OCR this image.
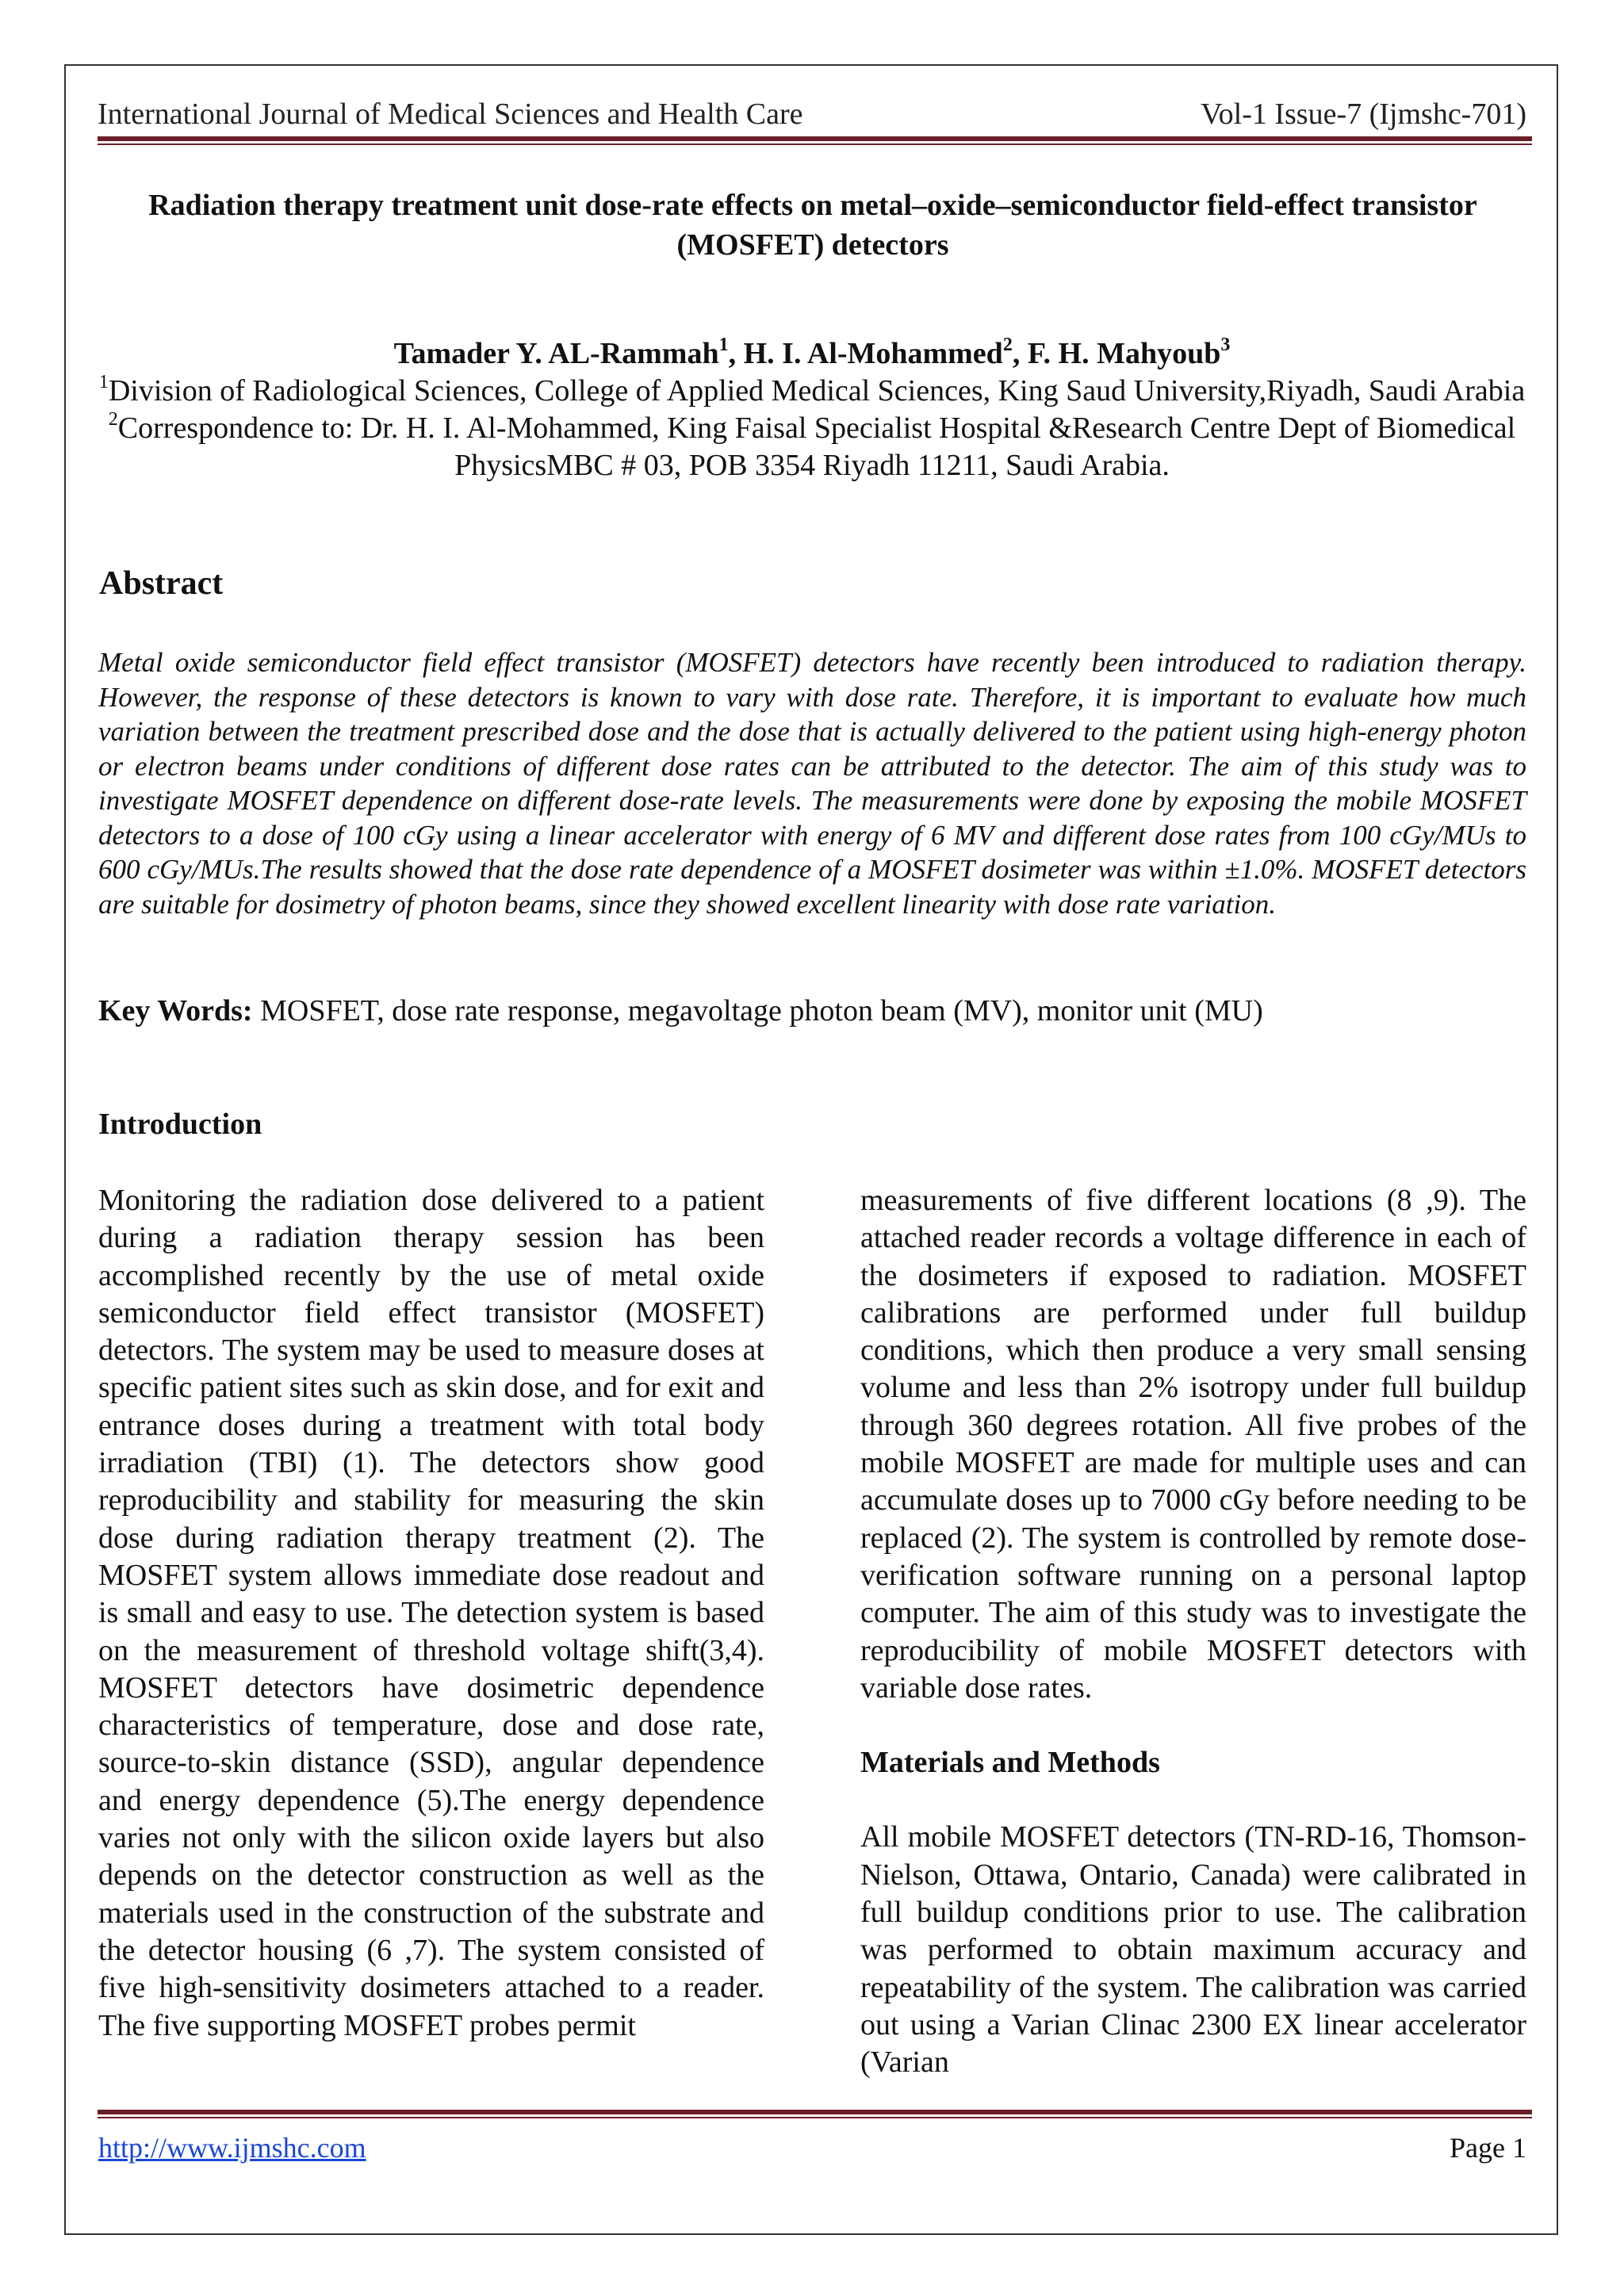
International Journal of Medical Sciences and Health Care	Vol-1 Issue-7 (Ijmshc-701)
Radiation therapy treatment unit dose-rate effects on metal–oxide–semiconductor field-effect transistor (MOSFET) detectors
Tamader Y. AL-Rammah$^1$, H. I. Al-Mohammed$^2$, F. H. Mahyoub$^3$
$^1$Division of Radiological Sciences, College of Applied Medical Sciences, King Saud University,Riyadh, Saudi Arabia
$^2$Correspondence to: Dr. H. I. Al-Mohammed, King Faisal Specialist Hospital &Research Centre Dept of Biomedical PhysicsMBC # 03, POB 3354 Riyadh 11211, Saudi Arabia.
Abstract
Metal oxide semiconductor field effect transistor (MOSFET) detectors have recently been introduced to radiation therapy. However, the response of these detectors is known to vary with dose rate. Therefore, it is important to evaluate how much variation between the treatment prescribed dose and the dose that is actually delivered to the patient using high-energy photon or electron beams under conditions of different dose rates can be attributed to the detector. The aim of this study was to investigate MOSFET dependence on different dose-rate levels. The measurements were done by exposing the mobile MOSFET detectors to a dose of 100 cGy using a linear accelerator with energy of 6 MV and different dose rates from 100 cGy/MUs to 600 cGy/MUs.The results showed that the dose rate dependence of a MOSFET dosimeter was within ±1.0%. MOSFET detectors are suitable for dosimetry of photon beams, since they showed excellent linearity with dose rate variation.
Key Words: MOSFET, dose rate response, megavoltage photon beam (MV), monitor unit (MU)
Introduction

Monitoring the radiation dose delivered to a patient during a radiation therapy session has been accomplished recently by the use of metal oxide semiconductor field effect transistor (MOSFET) detectors. The system may be used to measure doses at specific patient sites such as skin dose, and for exit and entrance doses during a treatment with total body irradiation (TBI) (1). The detectors show good reproducibility and stability for measuring the skin dose during radiation therapy treatment (2). The MOSFET system allows immediate dose readout and is small and easy to use. The detection system is based on the measurement of threshold voltage shift(3,4). MOSFET detectors have dosimetric dependence characteristics of temperature, dose and dose rate, source-to-skin distance (SSD), angular dependence and energy dependence (5).The energy dependence varies not only with the silicon oxide layers but also depends on the detector construction as well as the materials used in the construction of the substrate and the detector housing (6 ,7). The system consisted of five high-sensitivity dosimeters attached to a reader. The five supporting MOSFET probes permit

measurements of five different locations (8 ,9). The attached reader records a voltage difference in each of the dosimeters if exposed to radiation. MOSFET calibrations are performed under full buildup conditions, which then produce a very small sensing volume and less than 2% isotropy under full buildup through 360 degrees rotation. All five probes of the mobile MOSFET are made for multiple uses and can accumulate doses up to 7000 cGy before needing to be replaced (2). The system is controlled by remote dose-verification software running on a personal laptop computer. The aim of this study was to investigate the reproducibility of mobile MOSFET detectors with variable dose rates.

Materials and Methods

All mobile MOSFET detectors (TN-RD-16, Thomson-Nielson, Ottawa, Ontario, Canada) were calibrated in full buildup conditions prior to use. The calibration was performed to obtain maximum accuracy and repeatability of the system. The calibration was carried out using a Varian Clinac 2300 EX linear accelerator (Varian

http://www.ijmshc.com	Page 1
